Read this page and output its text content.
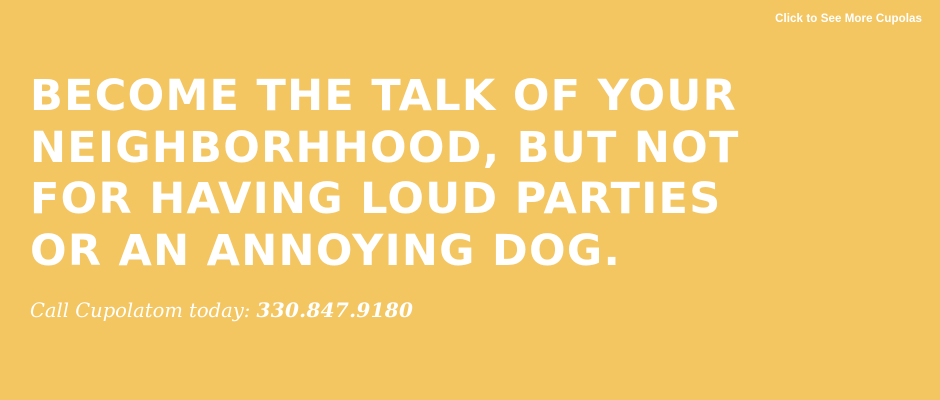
Click to See More Cupolas
BECOME THE TALK OF YOUR
NEIGHBORHHOOD, BUT NOT
FOR HAVING LOUD PARTIES
OR AN ANNOYING DOG.

Call Cupolatom today: 330.847.9180
